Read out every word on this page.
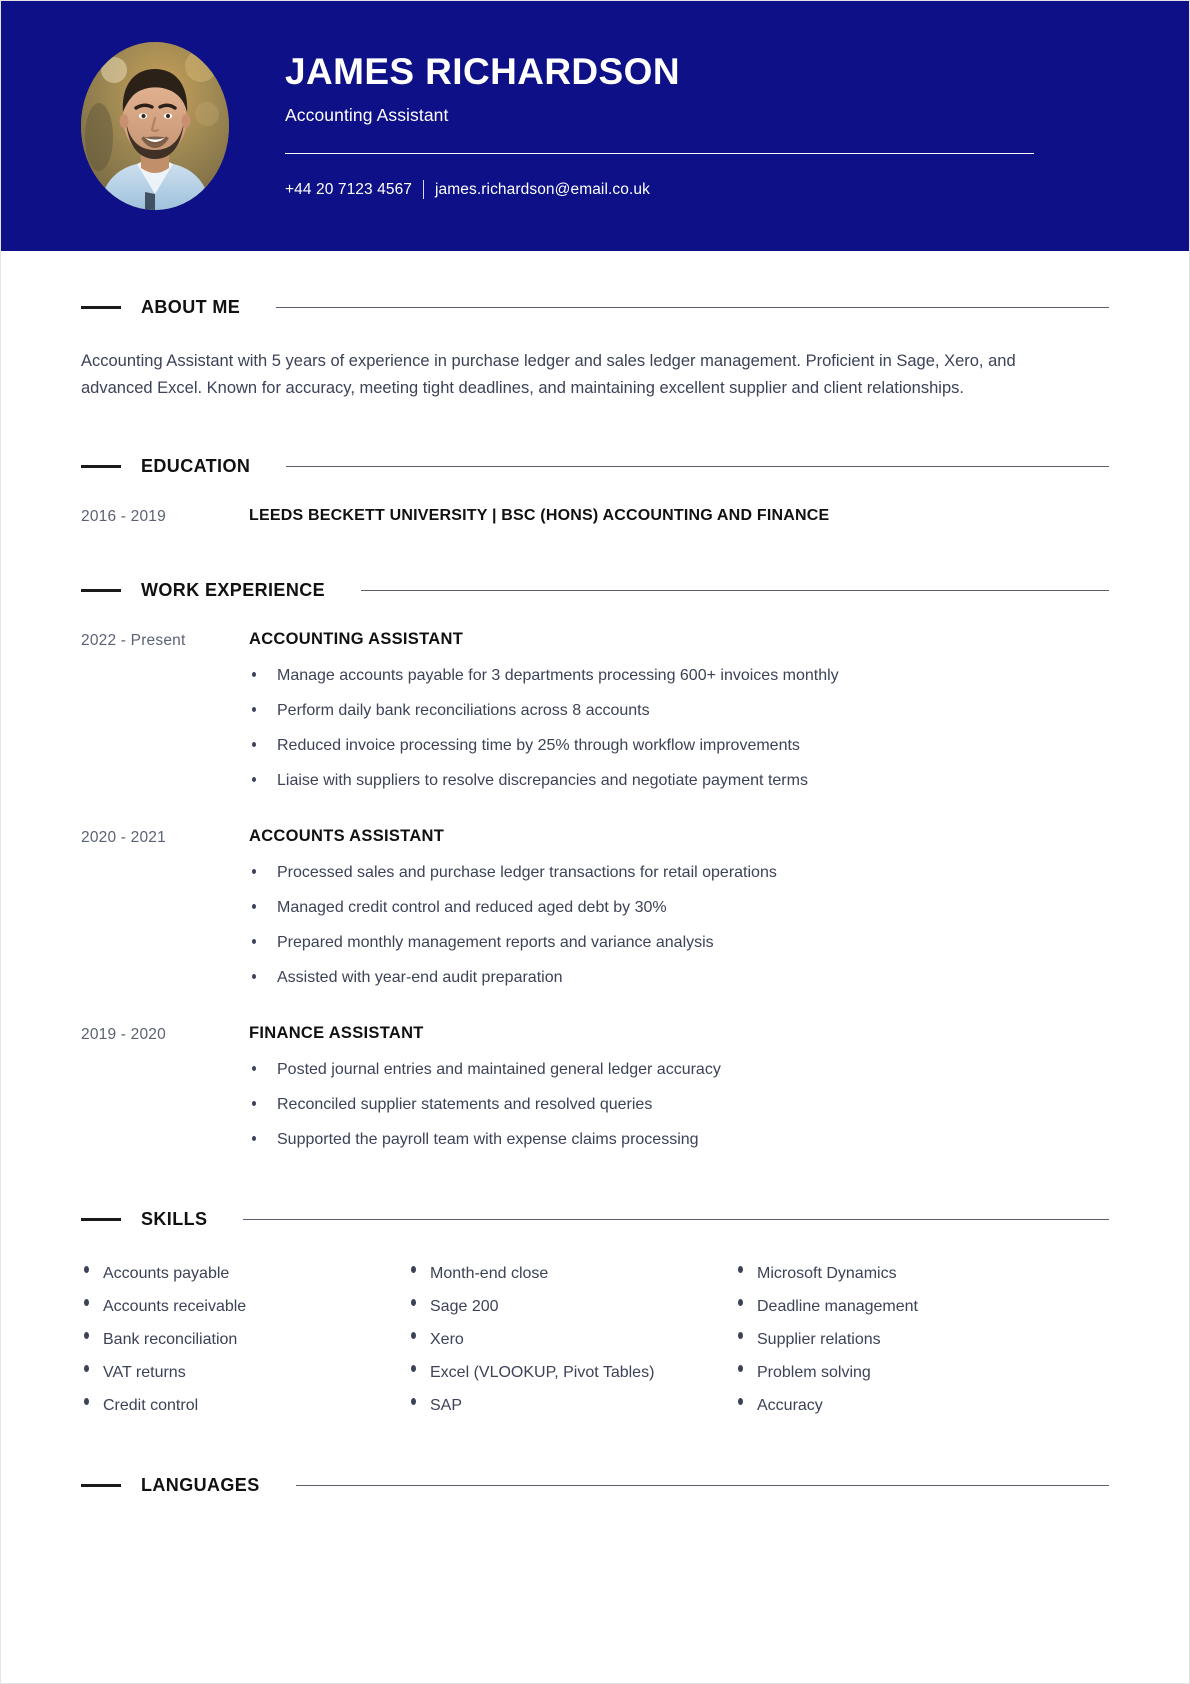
JAMES RICHARDSON
Accounting Assistant
+44 20 7123 4567 james.richardson@email.co.uk
ABOUT ME

Accounting Assistant with 5 years of experience in purchase ledger and sales ledger management. Proficient in Sage, Xero, and advanced Excel. Known for accuracy, meeting tight deadlines, and maintaining excellent supplier and client relationships.

EDUCATION
2016 - 2019	LEEDS BECKETT UNIVERSITY | BSC (HONS) ACCOUNTING AND FINANCE
WORK EXPERIENCE
2022 - Present	ACCOUNTING ASSISTANT
Manage accounts payable for 3 departments processing 600+ invoices monthly
Perform daily bank reconciliations across 8 accounts
Reduced invoice processing time by 25% through workflow improvements
Liaise with suppliers to resolve discrepancies and negotiate payment terms
2020 - 2021	ACCOUNTS ASSISTANT
Processed sales and purchase ledger transactions for retail operations
Managed credit control and reduced aged debt by 30%
Prepared monthly management reports and variance analysis
Assisted with year-end audit preparation
2019 - 2020	FINANCE ASSISTANT
Posted journal entries and maintained general ledger accuracy
Reconciled supplier statements and resolved queries
Supported the payroll team with expense claims processing
SKILLS
Accounts payable	Month-end close	Microsoft Dynamics
Accounts receivable	Sage 200	Deadline management
Bank reconciliation	Xero	Supplier relations
VAT returns	Excel (VLOOKUP, Pivot Tables)	Problem solving
Credit control	SAP	Accuracy
LANGUAGES
